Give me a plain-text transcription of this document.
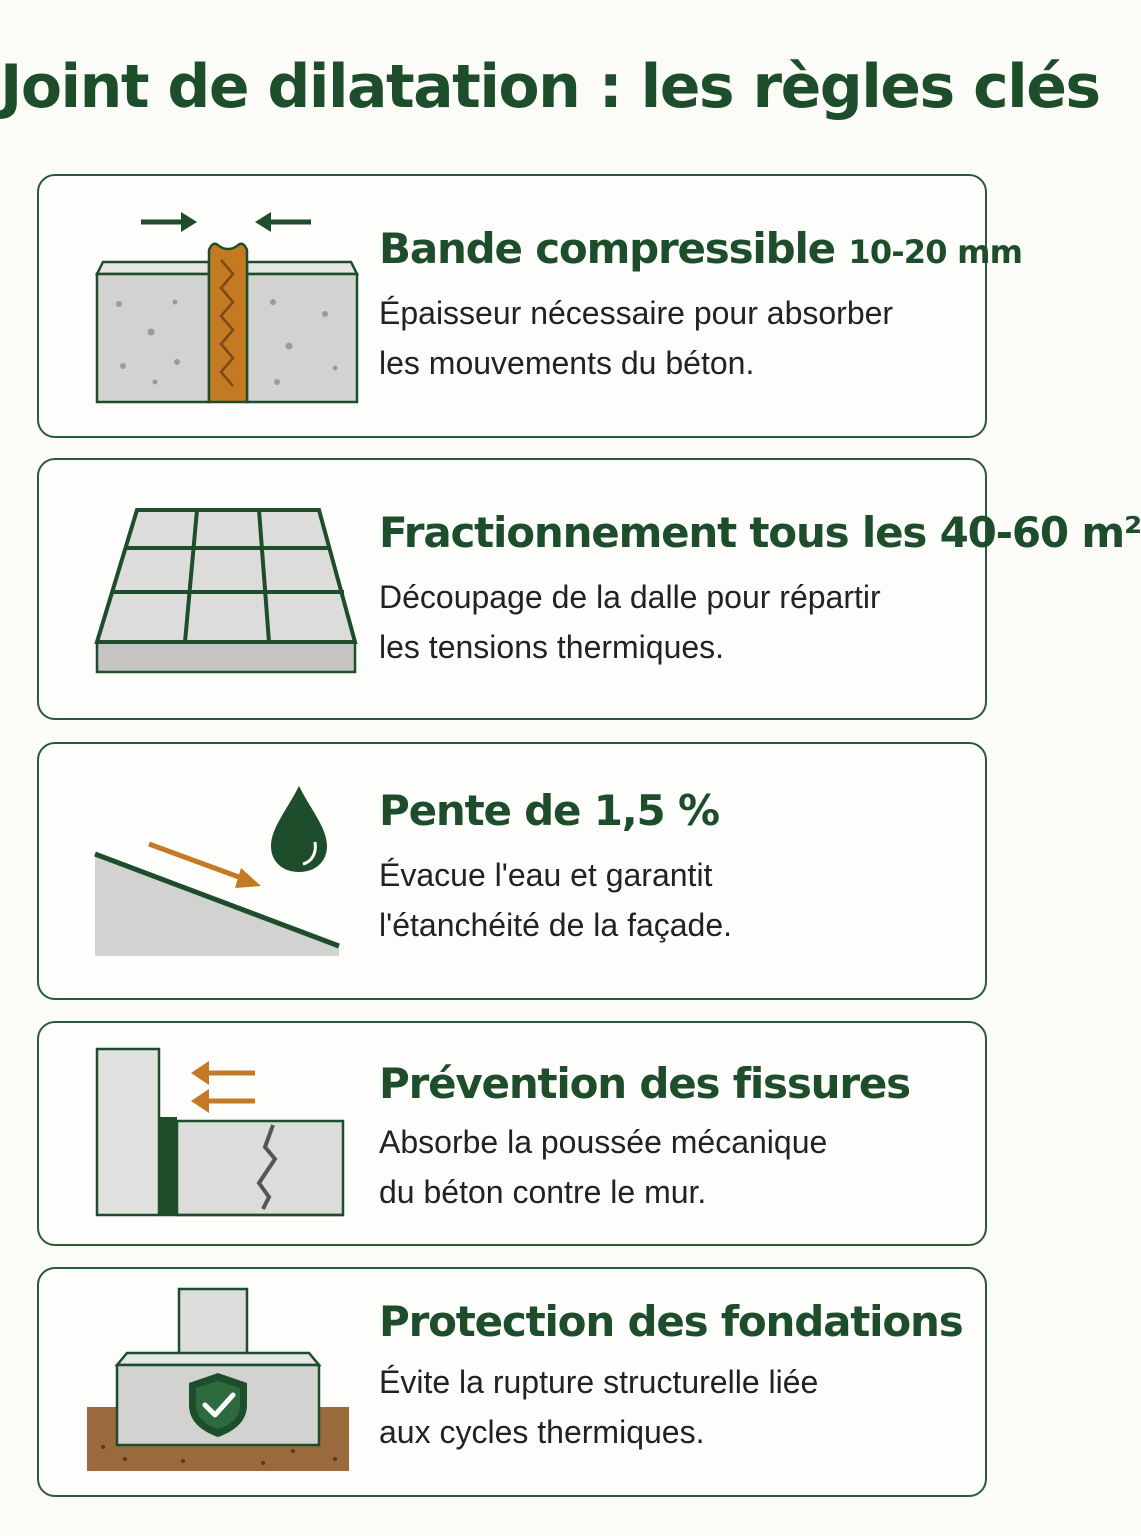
Joint de dilatation : les règles clés
Bande compressible 10-20 mm
Épaisseur nécessaire pour absorber
les mouvements du béton.
Fractionnement tous les 40-60 m²
Découpage de la dalle pour répartir
les tensions thermiques.
Pente de 1,5 %
Évacue l'eau et garantit
l'étanchéité de la façade.
Prévention des fissures
Absorbe la poussée mécanique
du béton contre le mur.
Protection des fondations
Évite la rupture structurelle liée
aux cycles thermiques.
